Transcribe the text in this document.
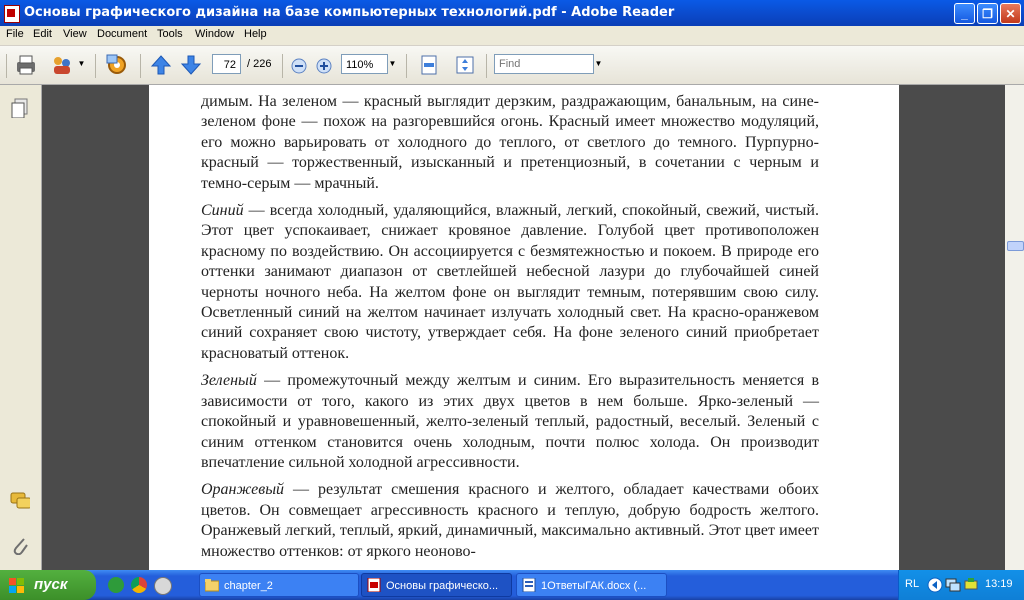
Основы графического дизайна на базе компьютерных технологий.pdf - Adobe Reader	_	❐	✕
File Edit View Document Tools Window Help
▼	72	/ 226	110%	▼
Find	▼

димым. На зеленом — красный выглядит дерзким, раздражающим, банальным, на сине-зеленом фоне — похож на разгоревшийся огонь. Красный имеет множество модуляций, его можно варьировать от холодного до теплого, от светлого до темного. Пурпурно-красный — торжественный, изысканный и претенциозный, в сочетании с черным и темно-серым — мрачный.

Синий — всегда холодный, удаляющийся, влажный, легкий, спокойный, свежий, чистый. Этот цвет успокаивает, снижает кровяное давление. Голубой цвет противоположен красному по воздействию. Он ассоциируется с безмятежностью и покоем. В природе его оттенки занимают диапазон от светлейшей небесной лазури до глубочайшей синей черноты ночного неба. На желтом фоне он выглядит темным, потерявшим свою силу. Осветленный синий на желтом начинает излучать холодный свет. На красно-оранжевом синий сохраняет свою чистоту, утверждает себя. На фоне зеленого синий приобретает красноватый оттенок.

Зеленый — промежуточный между желтым и синим. Его выразительность меняется в зависимости от того, какого из этих двух цветов в нем больше. Ярко-зеленый — спокойный и уравновешенный, желто-зеленый теплый, радостный, веселый. Зеленый с синим оттенком становится очень холодным, почти полюс холода. Он производит впечатление сильной холодной агрессивности.

Оранжевый — результат смешения красного и желтого, обладает качествами обоих цветов. Он совмещает агрессивность красного и теплую, добрую бодрость желтого. Оранжевый легкий, теплый, яркий, динамичный, максимально активный. Этот цвет имеет множество оттенков: от яркого неоново-

пуск	chapter_2	Основы графическо...	1ОтветыГАК.docx (...	RL	13:19
